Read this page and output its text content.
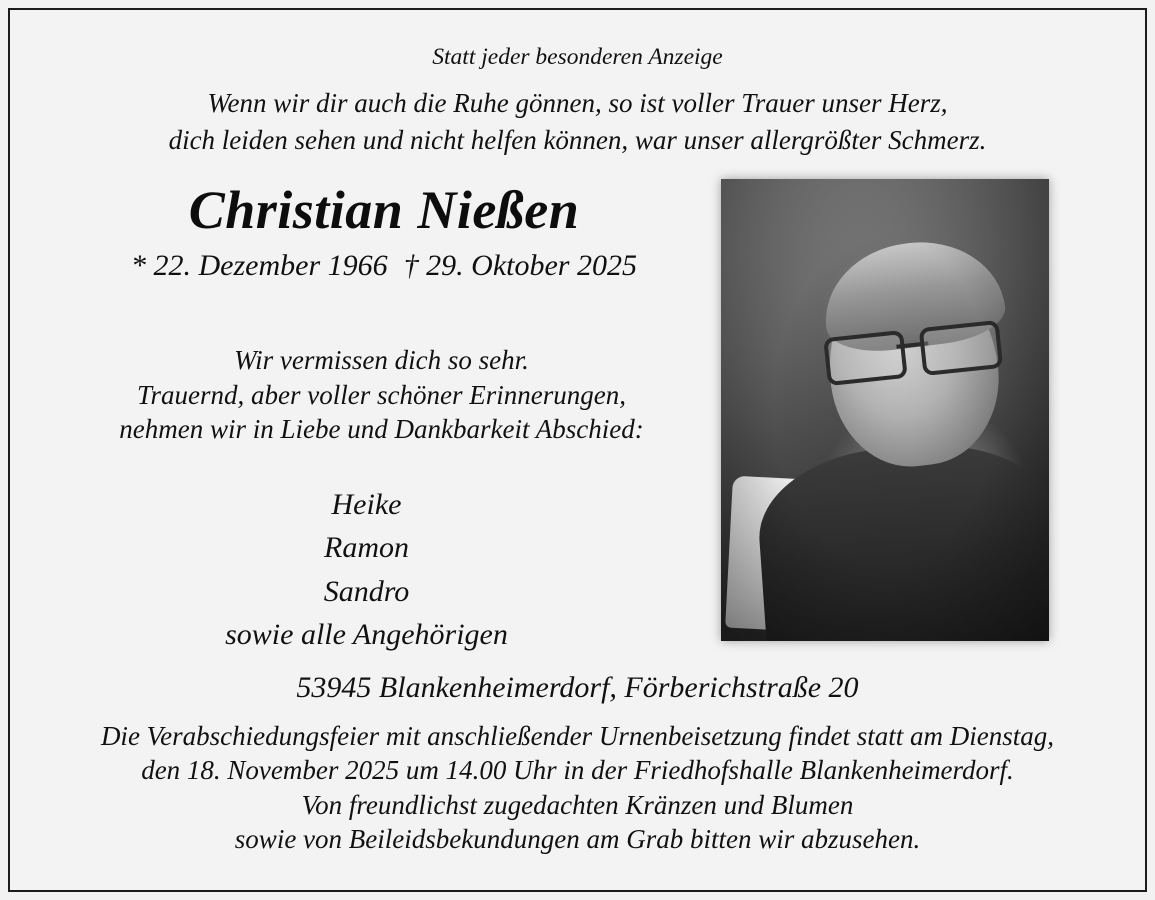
Statt jeder besonderen Anzeige
Wenn wir dir auch die Ruhe gönnen, so ist voller Trauer unser Herz,
dich leiden sehen und nicht helfen können, war unser allergrößter Schmerz.
Christian Nießen
* 22. Dezember 1966 † 29. Oktober 2025
Wir vermissen dich so sehr.
Trauernd, aber voller schöner Erinnerungen,
nehmen wir in Liebe und Dankbarkeit Abschied:
Heike
Ramon
Sandro
sowie alle Angehörigen
53945 Blankenheimerdorf, Förberichstraße 20
Die Verabschiedungsfeier mit anschließender Urnenbeisetzung findet statt am Dienstag,
den 18. November 2025 um 14.00 Uhr in der Friedhofshalle Blankenheimerdorf.
Von freundlichst zugedachten Kränzen und Blumen
sowie von Beileidsbekundungen am Grab bitten wir abzusehen.
